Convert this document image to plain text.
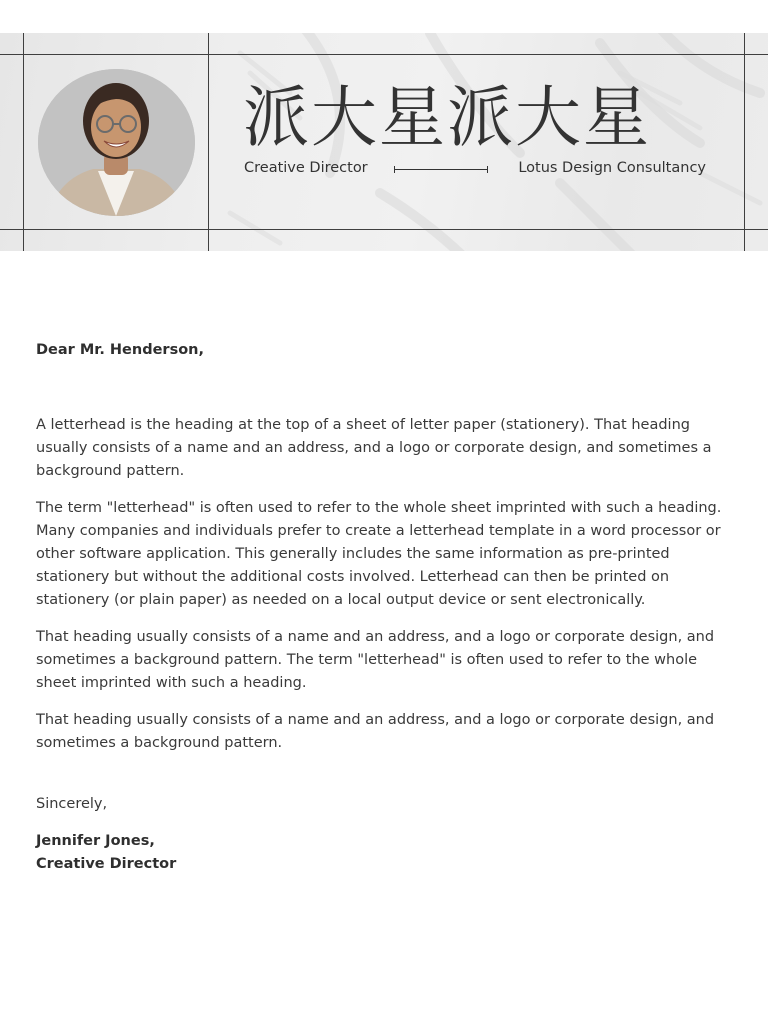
派大星派大星
Creative Director	Lotus Design Consultancy

Dear Mr. Henderson,

A letterhead is the heading at the top of a sheet of letter paper (stationery). That heading usually consists of a name and an address, and a logo or corporate design, and sometimes a background pattern.

The term "letterhead" is often used to refer to the whole sheet imprinted with such a heading. Many companies and individuals prefer to create a letterhead template in a word processor or other software application. This generally includes the same information as pre-printed stationery but without the additional costs involved. Letterhead can then be printed on stationery (or plain paper) as needed on a local output device or sent electronically.

That heading usually consists of a name and an address, and a logo or corporate design, and sometimes a background pattern. The term "letterhead" is often used to refer to the whole sheet imprinted with such a heading.

That heading usually consists of a name and an address, and a logo or corporate design, and sometimes a background pattern.

Sincerely,

Jennifer Jones,

Creative Director
